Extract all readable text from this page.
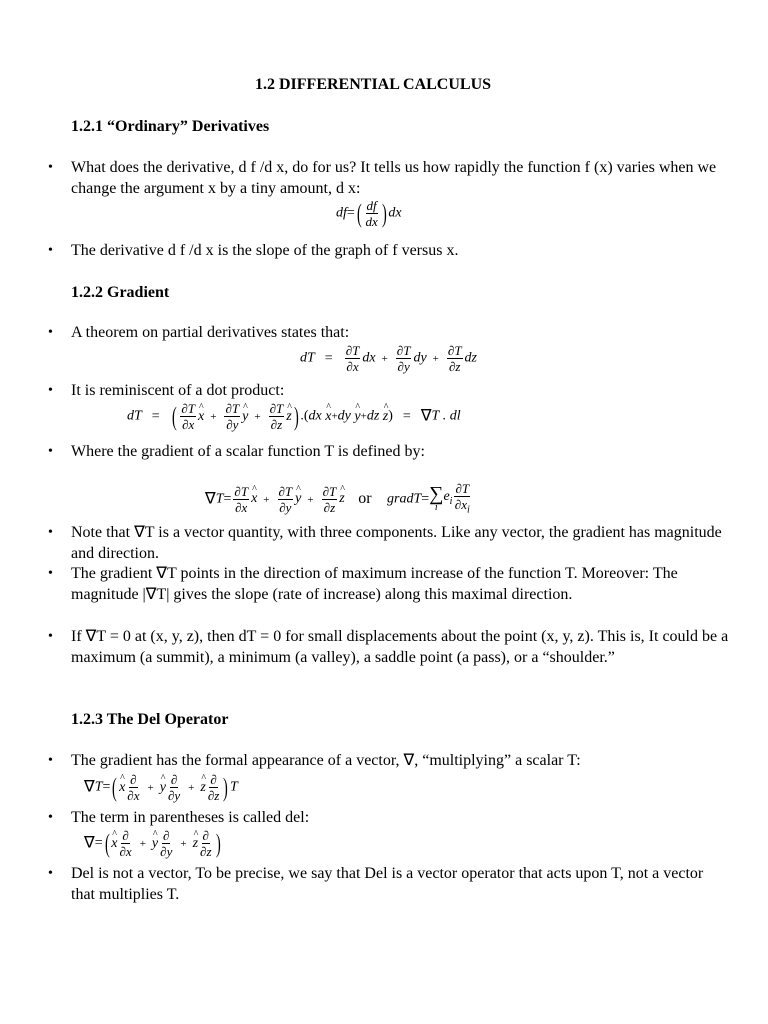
1.2 DIFFERENTIAL CALCULUS
1.2.1 “Ordinary” Derivatives
• What does the derivative, d f /d x, do for us? It tells us how rapidly the function f (x) varies when we change the argument x by a tiny amount, d x:
$df=( \frac{df}{dx}$ ) dx
• The derivative d f /d x is the slope of the graph of f versus x.
1.2.2 Gradient
• A theorem on partial derivatives states that:
dT = $\frac{\partial T}{\partial x}$ dx + $\frac{\partial T}{\partial y}$ dy + $\frac{\partial T}{\partial z}$ dz
• It is reminiscent of a dot product:
dT = ( $\frac{\partial T}{\partial x}$ x ^ + $\frac{\partial T}{\partial y}$ y ^ + $\frac{\partial T}{\partial z}$ z ^) .(dx x ^+dy y ^+dz z ^) = ∇T . dl
• Where the gradient of a scalar function T is defined by:
$\nabla T= \frac{\partial T}{\partial x}$ x ^ + $\frac{\partial T}{\partial y}$ y ^ + $\frac{\partial T}{\partial z}$ z ^ or gradT= ∑
i
$e_i \frac{\partial T}{\partial x_i}$
• Note that ∇T is a vector quantity, with three components. Like any vector, the gradient has magnitude and direction.
• The gradient ∇T points in the direction of maximum increase of the function T. Moreover: The magnitude |∇T| gives the slope (rate of increase) along this maximal direction.
• If ∇T = 0 at (x, y, z), then dT = 0 for small displacements about the point (x, y, z). This is, It could be a maximum (a summit), a minimum (a valley), a saddle point (a pass), or a “shoulder.”
1.2.3 The Del Operator
• The gradient has the formal appearance of a vector, ∇, “multiplying” a scalar T:
∇T=( x ^ $\frac{\partial}{\partial x} + y$ ^ $\frac{\partial}{\partial y} + z$ ^ $\frac{\partial}{\partial z}$ ) T
• The term in parentheses is called del:
∇=( x ^ $\frac{\partial}{\partial x} + y$ ^ $\frac{\partial}{\partial y} + z$ ^ $\frac{\partial}{\partial z}$ )
• Del is not a vector, To be precise, we say that Del is a vector operator that acts upon T, not a vector that multiplies T.
